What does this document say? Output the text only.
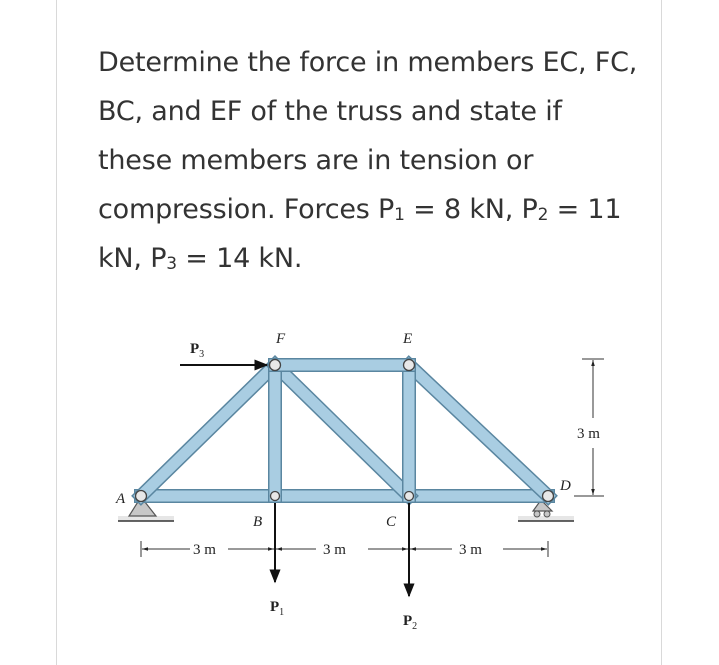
Determine the force in members EC, FC, BC, and EF of the truss and state if these members are in tension or compression. Forces $P_1 = 8$ kN, $P_2 = 11$ kN, $P_3 = 14$ kN.

A
B	C
D
E
F
$P_3$
$P_1$
$P_2$
3 m	3 m	3 m
3 m
